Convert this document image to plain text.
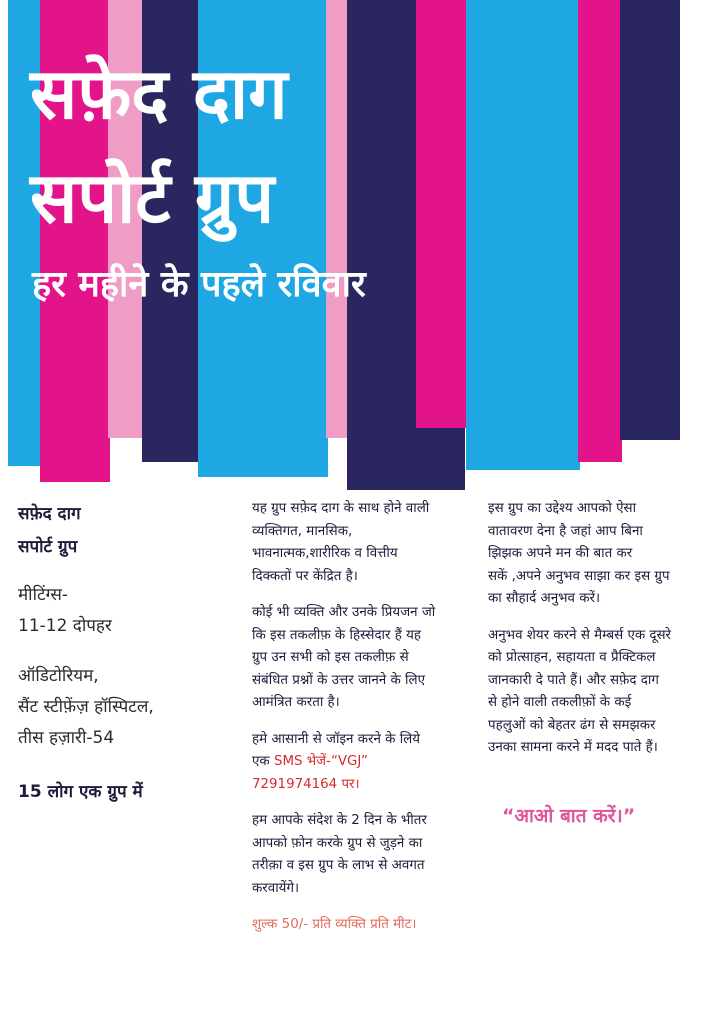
सफ़ेद दाग
सपोर्ट ग्रुप
हर महीने के पहले रविवार

सफ़ेद दाग

सपोर्ट ग्रुप

मीटिंग्स-

11-12 दोपहर

ऑडिटोरियम,

सैंट स्टीफ़ेंज़ हॉस्पिटल,

तीस हज़ारी-54

15 लोग एक ग्रुप में

यह ग्रुप सफ़ेद दाग के साथ होने वाली
व्यक्तिगत, मानसिक,
भावनात्मक,शारीरिक व वित्तीय
दिक्कतों पर केंद्रित है।

कोई भी व्यक्ति और उनके प्रियजन जो
कि इस तकलीफ़ के हिस्सेदार हैं यह
ग्रुप उन सभी को इस तकलीफ़ से
संबंधित प्रश्नों के उत्तर जानने के लिए
आमंत्रित करता है।

हमे आसानी से जॉइन करने के लिये
एक SMS भेजें-“VGJ”
7291974164 पर।

हम आपके संदेश के 2 दिन के भीतर
आपको फ़ोन करके ग्रुप से जुड़ने का
तरीक़ा व इस ग्रुप के लाभ से अवगत
करवायेंगे।

शुल्क 50/- प्रति व्यक्ति प्रति मीट।

इस ग्रुप का उद्देश्य आपको ऐसा
वातावरण देना है जहां आप बिना
झिझक अपने मन की बात कर
सकें ,अपने अनुभव साझा कर इस ग्रुप
का सौहार्द अनुभव करें।

अनुभव शेयर करने से मैम्बर्स एक दूसरे
को प्रोत्साहन, सहायता व प्रैक्टिकल
जानकारी दे पाते हैं। और सफ़ेद दाग
से होने वाली तकलीफ़ों के कई
पहलुओं को बेहतर ढंग से समझकर
उनका सामना करने में मदद पाते हैं।

“आओ बात करें।”
